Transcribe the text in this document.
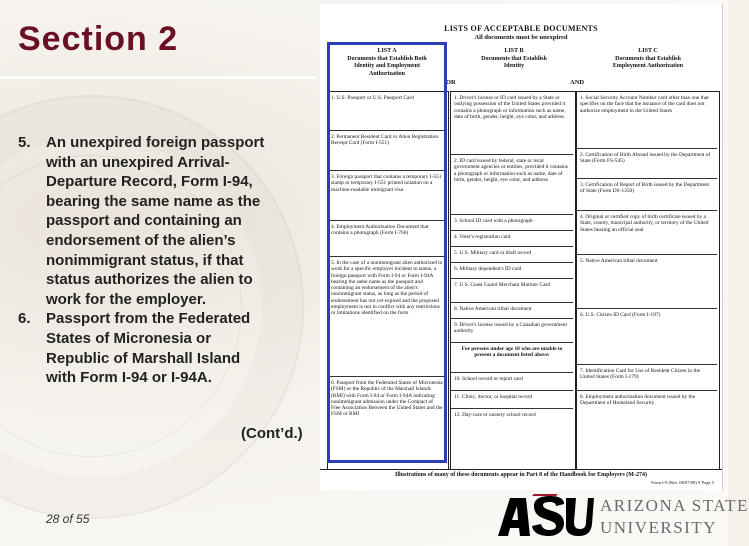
Section 2
5.	An unexpired foreign passport
with an unexpired Arrival-
Departure Record, Form I-94,
bearing the same name as the
passport and containing an
endorsement of the alien’s
nonimmigrant status, if that
status authorizes the alien to
work for the employer.
6.	Passport from the Federated
States of Micronesia or
Republic of Marshall Island
with Form I-94 or I-94A.
(Cont’d.)
28 of 55
ARIZONA STATE
UNIVERSITY
LISTS OF ACCEPTABLE DOCUMENTS
All documents must be unexpired
LIST A
Documents that Establish Both
Identity and Employment
Authorization
LIST B
Documents that Establish
Identity
LIST C
Documents that Establish
Employment Authorization
OR	AND
1. U.S. Passport or U.S. Passport Card
2. Permanent Resident Card or Alien Registration Receipt Card (Form I-551)
3. Foreign passport that contains a temporary I-551 stamp or temporary I-551 printed notation on a machine-readable immigrant visa
4. Employment Authorization Document that contains a photograph (Form I-766)
5. In the case of a nonimmigrant alien authorized to work for a specific employer incident to status, a foreign passport with Form I-94 or Form I-94A bearing the same name as the passport and containing an endorsement of the alien's nonimmigrant status, as long as the period of endorsement has not yet expired and the proposed employment is not in conflict with any restrictions or limitations identified on the form
6. Passport from the Federated States of Micronesia (FSM) or the Republic of the Marshall Islands (RMI) with Form I-94 or Form I-94A indicating nonimmigrant admission under the Compact of Free Association Between the United States and the FSM or RMI
1. Driver's license or ID card issued by a State or outlying possession of the United States provided it contains a photograph or information such as name, date of birth, gender, height, eye color, and address
2. ID card issued by federal, state or local government agencies or entities, provided it contains a photograph or information such as name, date of birth, gender, height, eye color, and address
3. School ID card with a photograph
4. Voter's registration card
5. U.S. Military card or draft record
6. Military dependent's ID card
7. U.S. Coast Guard Merchant Mariner Card
8. Native American tribal document
9. Driver's license issued by a Canadian government authority
For persons under age 18 who are unable to present a document listed above:
10. School record or report card
11. Clinic, doctor, or hospital record
12. Day-care or nursery school record
1. Social Security Account Number card other than one that specifies on the face that the issuance of the card does not authorize employment in the United States
2. Certification of Birth Abroad issued by the Department of State (Form FS-545)
3. Certification of Report of Birth issued by the Department of State (Form DS-1350)
4. Original or certified copy of birth certificate issued by a State, county, municipal authority, or territory of the United States bearing an official seal
5. Native American tribal document
6. U.S. Citizen ID Card (Form I-197)
7. Identification Card for Use of Resident Citizen in the United States (Form I-179)
8. Employment authorization document issued by the Department of Homeland Security
Illustrations of many of these documents appear in Part 8 of the Handbook for Employers (M-274)
Form I-9 (Rev. 08/07/09) Y Page 5
